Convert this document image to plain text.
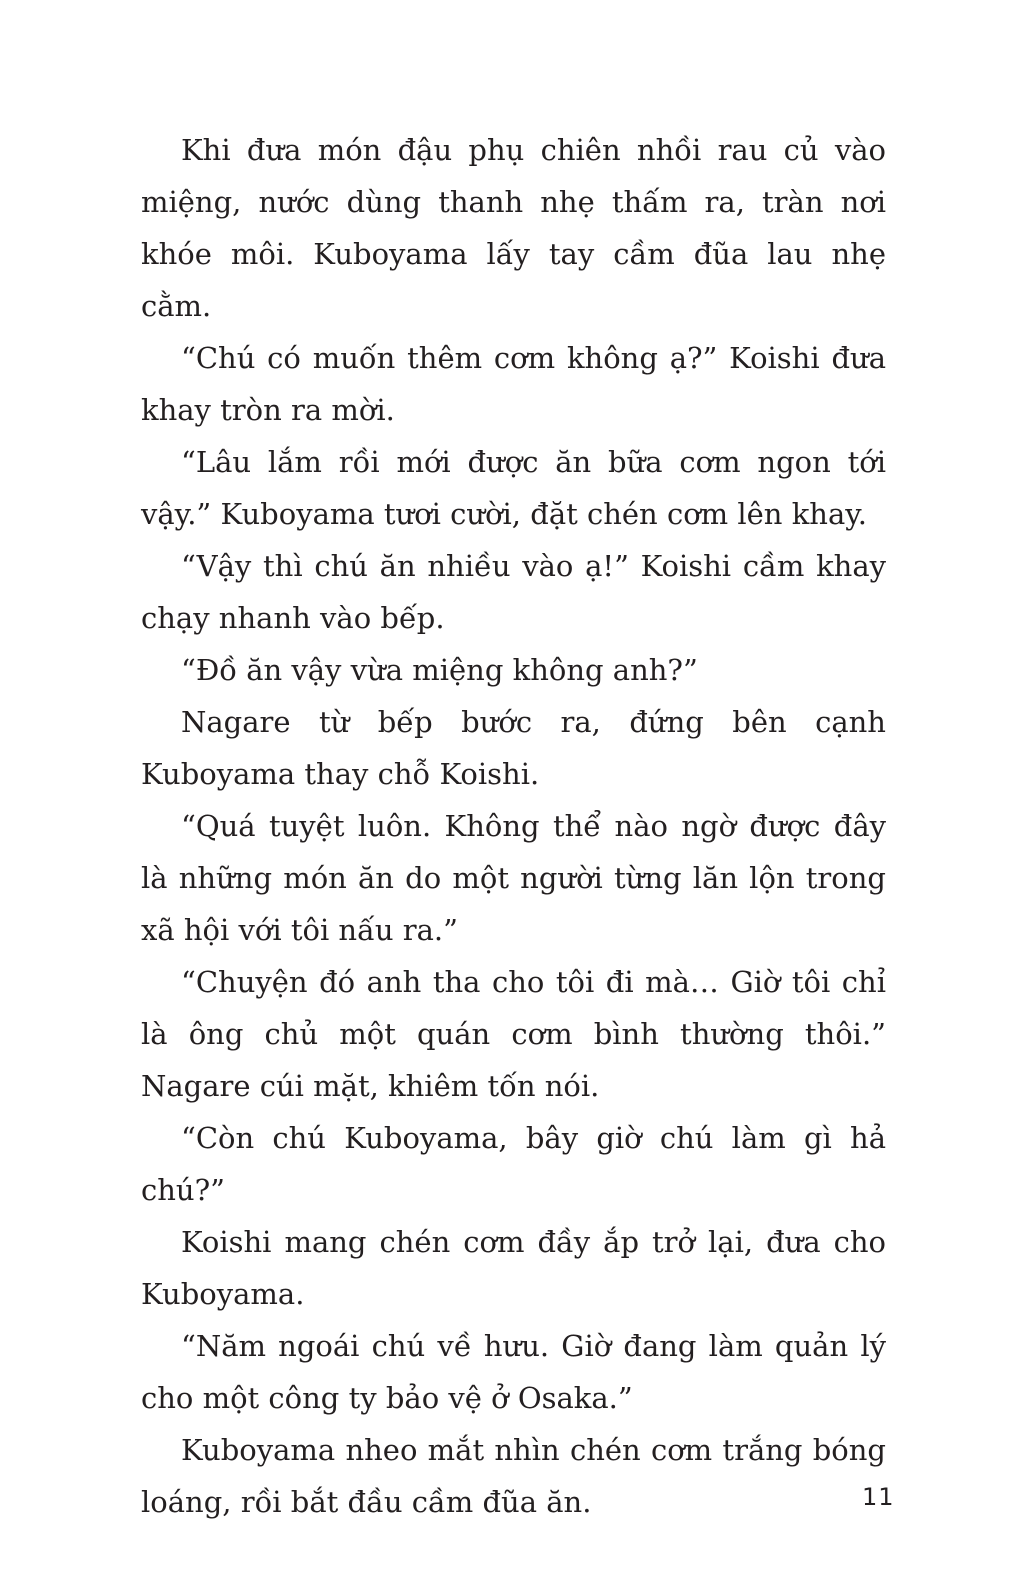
Khi đưa món đậu phụ chiên nhồi rau củ vào miệng, nước dùng thanh nhẹ thấm ra, tràn nơi khóe môi. Kuboyama lấy tay cầm đũa lau nhẹ cằm.

“Chú có muốn thêm cơm không ạ?” Koishi đưa khay tròn ra mời.

“Lâu lắm rồi mới được ăn bữa cơm ngon tới vậy.” Kuboyama tươi cười, đặt chén cơm lên khay.

“Vậy thì chú ăn nhiều vào ạ!” Koishi cầm khay chạy nhanh vào bếp.

“Đồ ăn vậy vừa miệng không anh?”

Nagare từ bếp bước ra, đứng bên cạnh Kuboyama thay chỗ Koishi.

“Quá tuyệt luôn. Không thể nào ngờ được đây là những món ăn do một người từng lăn lộn trong xã hội với tôi nấu ra.”

“Chuyện đó anh tha cho tôi đi mà… Giờ tôi chỉ là ông chủ một quán cơm bình thường thôi.” Nagare cúi mặt, khiêm tốn nói.

“Còn chú Kuboyama, bây giờ chú làm gì hả chú?”

Koishi mang chén cơm đầy ắp trở lại, đưa cho Kuboyama.

“Năm ngoái chú về hưu. Giờ đang làm quản lý cho một công ty bảo vệ ở Osaka.”

Kuboyama nheo mắt nhìn chén cơm trắng bóng loáng, rồi bắt đầu cầm đũa ăn.	11
